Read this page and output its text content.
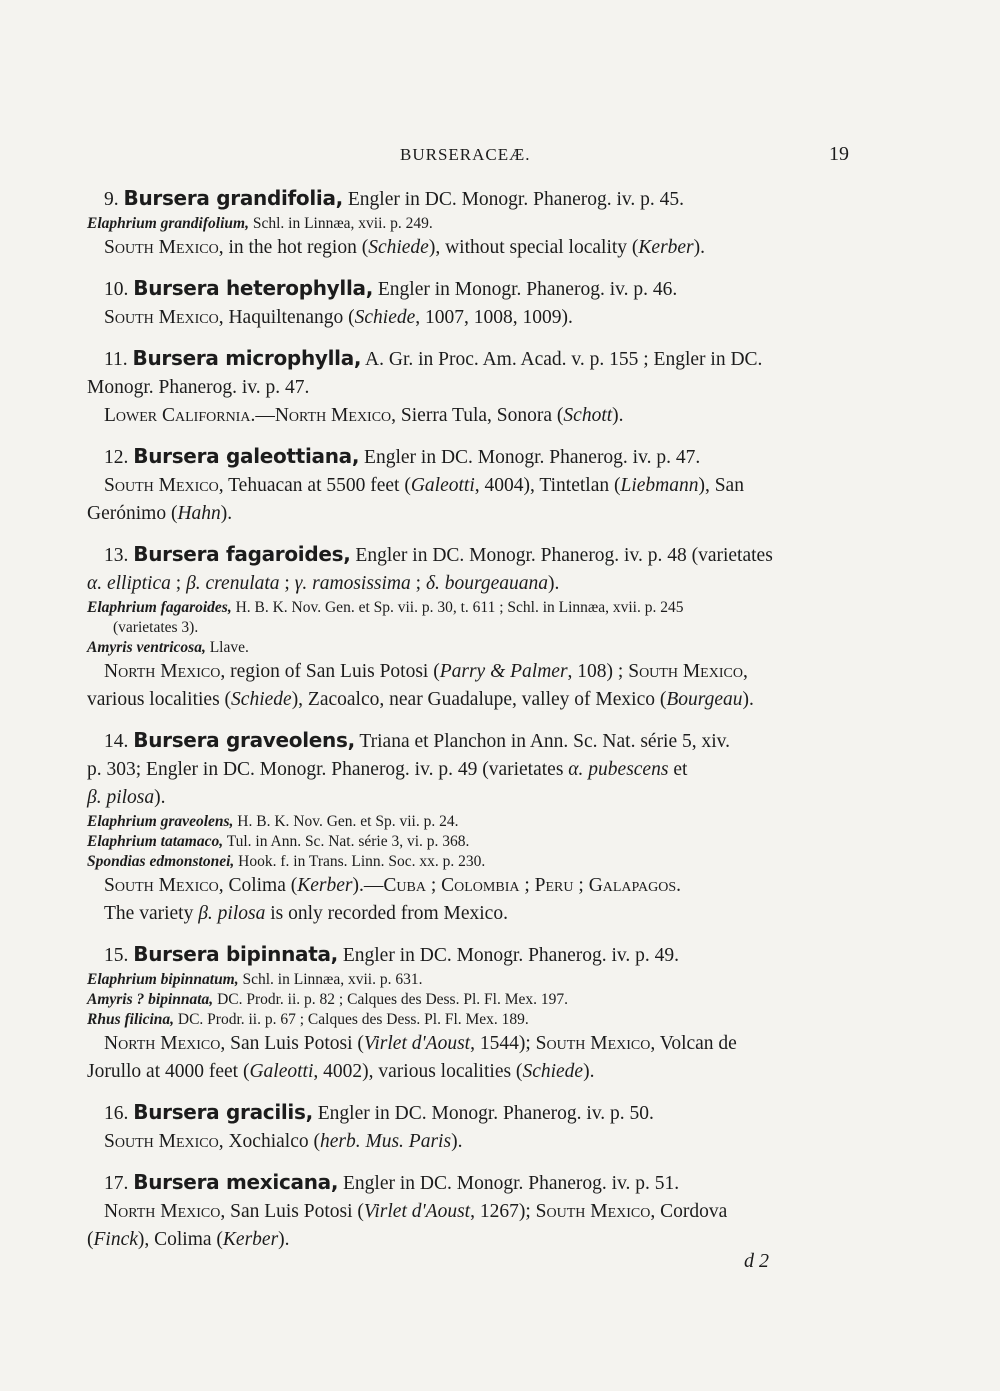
BURSERACEÆ.	19
9. Bursera grandifolia, Engler in DC. Monogr. Phanerog. iv. p. 45.
Elaphrium grandifolium, Schl. in Linnæa, xvii. p. 249.
South Mexico, in the hot region (Schiede), without special locality (Kerber).
10. Bursera heterophylla, Engler in Monogr. Phanerog. iv. p. 46.
South Mexico, Haquiltenango (Schiede, 1007, 1008, 1009).
11. Bursera microphylla, A. Gr. in Proc. Am. Acad. v. p. 155 ; Engler in DC.
Monogr. Phanerog. iv. p. 47.
Lower California.—North Mexico, Sierra Tula, Sonora (Schott).
12. Bursera galeottiana, Engler in DC. Monogr. Phanerog. iv. p. 47.
South Mexico, Tehuacan at 5500 feet (Galeotti, 4004), Tintetlan (Liebmann), San
Gerónimo (Hahn).
13. Bursera fagaroides, Engler in DC. Monogr. Phanerog. iv. p. 48 (varietates
α. elliptica ; β. crenulata ; γ. ramosissima ; δ. bourgeauana).
Elaphrium fagaroides, H. B. K. Nov. Gen. et Sp. vii. p. 30, t. 611 ; Schl. in Linnæa, xvii. p. 245
(varietates 3).
Amyris ventricosa, Llave.
North Mexico, region of San Luis Potosi (Parry & Palmer, 108) ; South Mexico,
various localities (Schiede), Zacoalco, near Guadalupe, valley of Mexico (Bourgeau).
14. Bursera graveolens, Triana et Planchon in Ann. Sc. Nat. série 5, xiv.
p. 303; Engler in DC. Monogr. Phanerog. iv. p. 49 (varietates α. pubescens et
β. pilosa).
Elaphrium graveolens, H. B. K. Nov. Gen. et Sp. vii. p. 24.
Elaphrium tatamaco, Tul. in Ann. Sc. Nat. série 3, vi. p. 368.
Spondias edmonstonei, Hook. f. in Trans. Linn. Soc. xx. p. 230.
South Mexico, Colima (Kerber).—Cuba ; Colombia ; Peru ; Galapagos.
The variety β. pilosa is only recorded from Mexico.
15. Bursera bipinnata, Engler in DC. Monogr. Phanerog. iv. p. 49.
Elaphrium bipinnatum, Schl. in Linnæa, xvii. p. 631.
Amyris ? bipinnata, DC. Prodr. ii. p. 82 ; Calques des Dess. Pl. Fl. Mex. 197.
Rhus filicina, DC. Prodr. ii. p. 67 ; Calques des Dess. Pl. Fl. Mex. 189.
North Mexico, San Luis Potosi (Virlet d'Aoust, 1544); South Mexico, Volcan de
Jorullo at 4000 feet (Galeotti, 4002), various localities (Schiede).
16. Bursera gracilis, Engler in DC. Monogr. Phanerog. iv. p. 50.
South Mexico, Xochialco (herb. Mus. Paris).
17. Bursera mexicana, Engler in DC. Monogr. Phanerog. iv. p. 51.
North Mexico, San Luis Potosi (Virlet d'Aoust, 1267); South Mexico, Cordova
(Finck), Colima (Kerber).
d 2
